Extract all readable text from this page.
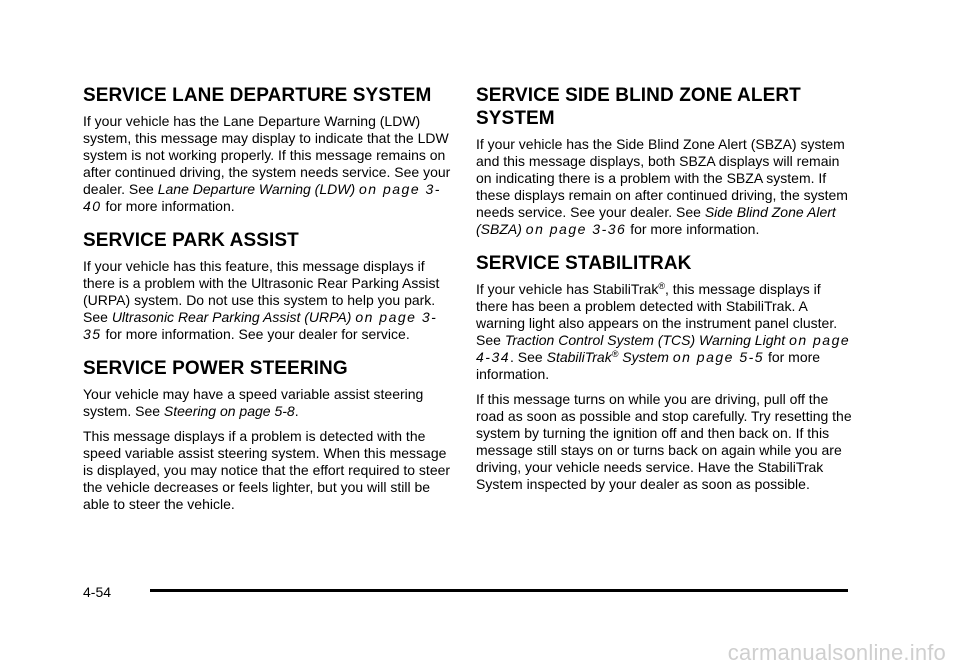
SERVICE LANE DEPARTURE SYSTEM

If your vehicle has the Lane Departure Warning (LDW) system, this message may display to indicate that the LDW system is not working properly. If this message remains on after continued driving, the system needs service. See your dealer. See Lane Departure Warning (LDW) on page 3-40 for more information.

SERVICE PARK ASSIST

If your vehicle has this feature, this message displays if there is a problem with the Ultrasonic Rear Parking Assist (URPA) system. Do not use this system to help you park. See Ultrasonic Rear Parking Assist (URPA) on page 3-35 for more information. See your dealer for service.

SERVICE POWER STEERING

Your vehicle may have a speed variable assist steering system. See Steering on page 5-8.

This message displays if a problem is detected with the speed variable assist steering system. When this message is displayed, you may notice that the effort required to steer the vehicle decreases or feels lighter, but you will still be able to steer the vehicle.

SERVICE SIDE BLIND ZONE ALERT SYSTEM

If your vehicle has the Side Blind Zone Alert (SBZA) system and this message displays, both SBZA displays will remain on indicating there is a problem with the SBZA system. If these displays remain on after continued driving, the system needs service. See your dealer. See Side Blind Zone Alert (SBZA) on page 3-36 for more information.

SERVICE STABILITRAK

If your vehicle has StabiliTrak®, this message displays if there has been a problem detected with StabiliTrak. A warning light also appears on the instrument panel cluster. See Traction Control System (TCS) Warning Light on page 4-34. See StabiliTrak® System on page 5-5 for more information.

If this message turns on while you are driving, pull off the road as soon as possible and stop carefully. Try resetting the system by turning the ignition off and then back on. If this message still stays on or turns back on again while you are driving, your vehicle needs service. Have the StabiliTrak System inspected by your dealer as soon as possible.

4-54
carmanualsonline.info
